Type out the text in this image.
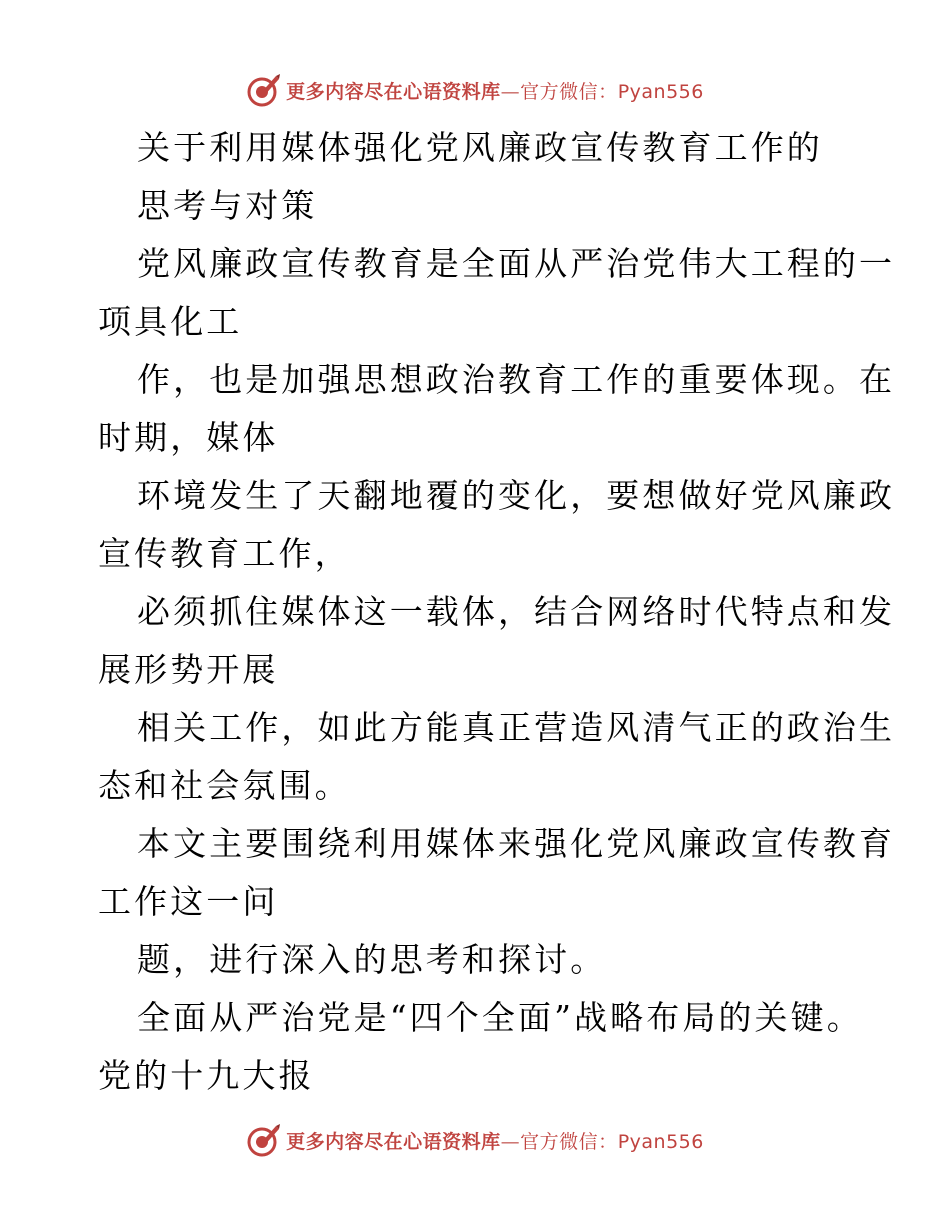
更多内容尽在心语资料库—官方微信：Pyan556
关于利用媒体强化党风廉政宣传教育工作的
思考与对策
党风廉政宣传教育是全面从严治党伟大工程的一
项具化工
作，也是加强思想政治教育工作的重要体现。在
时期，媒体
环境发生了天翻地覆的变化，要想做好党风廉政
宣传教育工作，
必须抓住媒体这一载体，结合网络时代特点和发
展形势开展
相关工作，如此方能真正营造风清气正的政治生
态和社会氛围。
本文主要围绕利用媒体来强化党风廉政宣传教育
工作这一问
题，进行深入的思考和探讨。
全面从严治党是“四个全面”战略布局的关键。
党的十九大报
更多内容尽在心语资料库—官方微信：Pyan556
